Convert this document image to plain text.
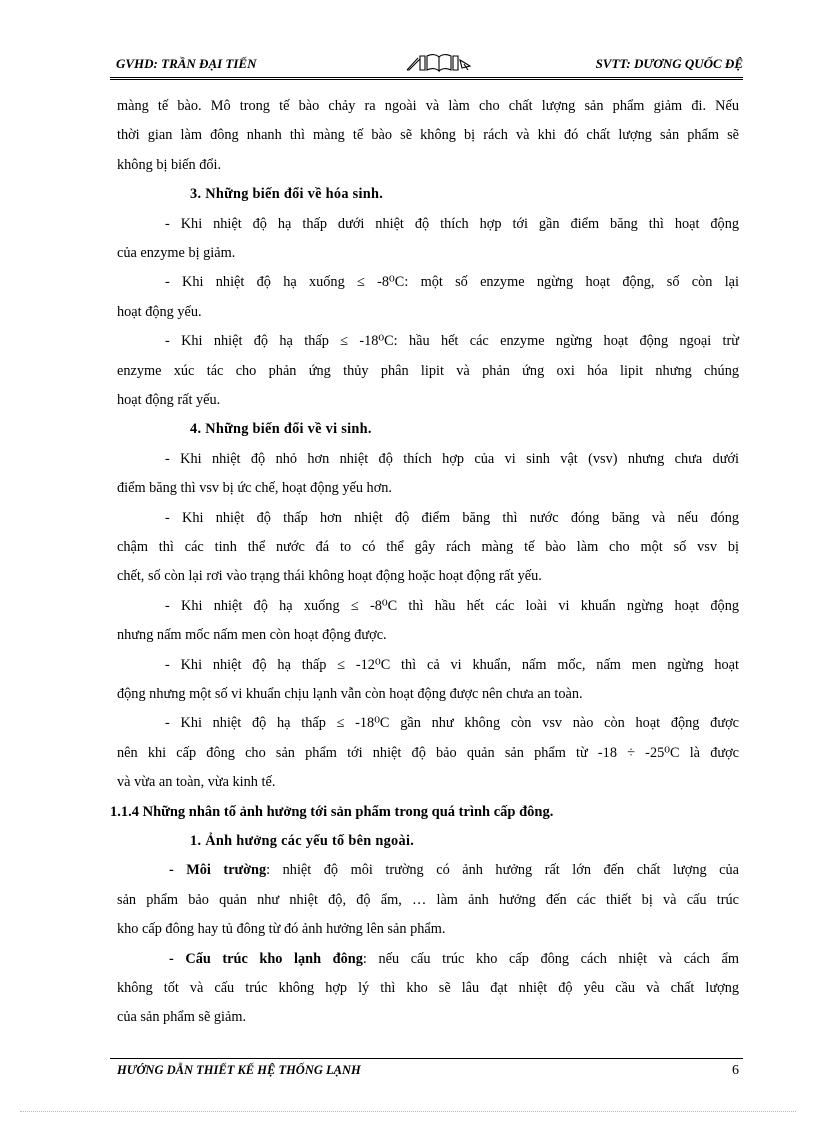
GVHD: TRẦN ĐẠI TIẾN	SVTT: DƯƠNG QUỐC ĐỆ
màng tế bào. Mô trong tế bào chảy ra ngoài và làm cho chất lượng sản phẩm giảm đi. Nếu
thời gian làm đông nhanh thì màng tế bào sẽ không bị rách và khi đó chất lượng sản phẩm sẽ
không bị biến đổi.
3. Những biến đổi về hóa sinh.
- Khi nhiệt độ hạ thấp dưới nhiệt độ thích hợp tới gần điểm băng thì hoạt động
của enzyme bị giảm.
- Khi nhiệt độ hạ xuống ≤ -8⁰C: một số enzyme ngừng hoạt động, số còn lại
hoạt động yếu.
- Khi nhiệt độ hạ thấp ≤ -18⁰C: hầu hết các enzyme ngừng hoạt động ngoại trừ
enzyme xúc tác cho phản ứng thủy phân lipit và phản ứng oxi hóa lipit nhưng chúng
hoạt động rất yếu.
4. Những biến đổi về vi sinh.
- Khi nhiệt độ nhỏ hơn nhiệt độ thích hợp của vi sinh vật (vsv) nhưng chưa dưới
điểm băng thì vsv bị ức chế, hoạt động yếu hơn.
- Khi nhiệt độ thấp hơn nhiệt độ điểm băng thì nước đóng băng và nếu đóng
chậm thì các tinh thể nước đá to có thể gây rách màng tế bào làm cho một số vsv bị
chết, số còn lại rơi vào trạng thái không hoạt động hoặc hoạt động rất yếu.
- Khi nhiệt độ hạ xuống ≤ -8⁰C thì hầu hết các loài vi khuẩn ngừng hoạt động
nhưng nấm mốc nấm men còn hoạt động được.
- Khi nhiệt độ hạ thấp ≤ -12⁰C thì cả vi khuẩn, nấm mốc, nấm men ngừng hoạt
động nhưng một số vi khuẩn chịu lạnh vẫn còn hoạt động được nên chưa an toàn.
- Khi nhiệt độ hạ thấp ≤ -18⁰C gần như không còn vsv nào còn hoạt động được
nên khi cấp đông cho sản phẩm tới nhiệt độ bảo quản sản phẩm từ -18 ÷ -25⁰C là được
và vừa an toàn, vừa kinh tế.
1.1.4 Những nhân tố ảnh hưởng tới sản phẩm trong quá trình cấp đông.
1. Ảnh hưởng các yếu tố bên ngoài.
- Môi trường: nhiệt độ môi trường có ảnh hưởng rất lớn đến chất lượng của
sản phẩm bảo quản như nhiệt độ, độ ẩm, … làm ảnh hưởng đến các thiết bị và cấu trúc
kho cấp đông hay tủ đông từ đó ảnh hưởng lên sản phẩm.
- Cấu trúc kho lạnh đông: nếu cấu trúc kho cấp đông cách nhiệt và cách ẩm
không tốt và cấu trúc không hợp lý thì kho sẽ lâu đạt nhiệt độ yêu cầu và chất lượng
của sản phẩm sẽ giảm.
HƯỚNG DẪN THIẾT KẾ HỆ THỐNG LẠNH	6
